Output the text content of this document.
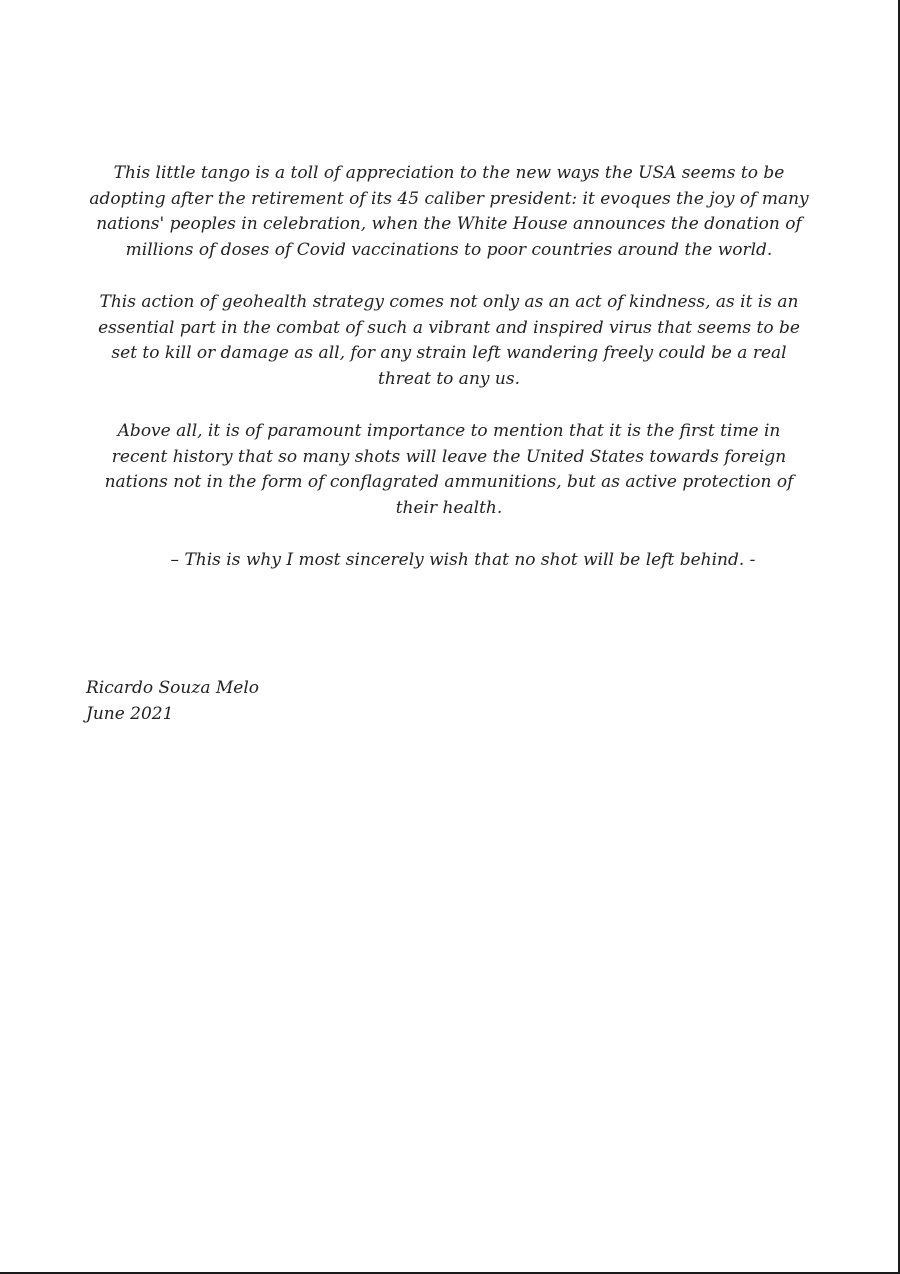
This little tango is a toll of appreciation to the new ways the USA seems to be adopting after the retirement of its 45 caliber president: it evoques the joy of many nations' peoples in celebration, when the White House announces the donation of millions of doses of Covid vaccinations to poor countries around the world.

This action of geohealth strategy comes not only as an act of kindness, as it is an essential part in the combat of such a vibrant and inspired virus that seems to be set to kill or damage as all, for any strain left wandering freely could be a real threat to any us.

Above all, it is of paramount importance to mention that it is the first time in recent history that so many shots will leave the United States towards foreign nations not in the form of conflagrated ammunitions, but as active protection of their health.

– This is why I most sincerely wish that no shot will be left behind. -

Ricardo Souza Melo
June 2021
